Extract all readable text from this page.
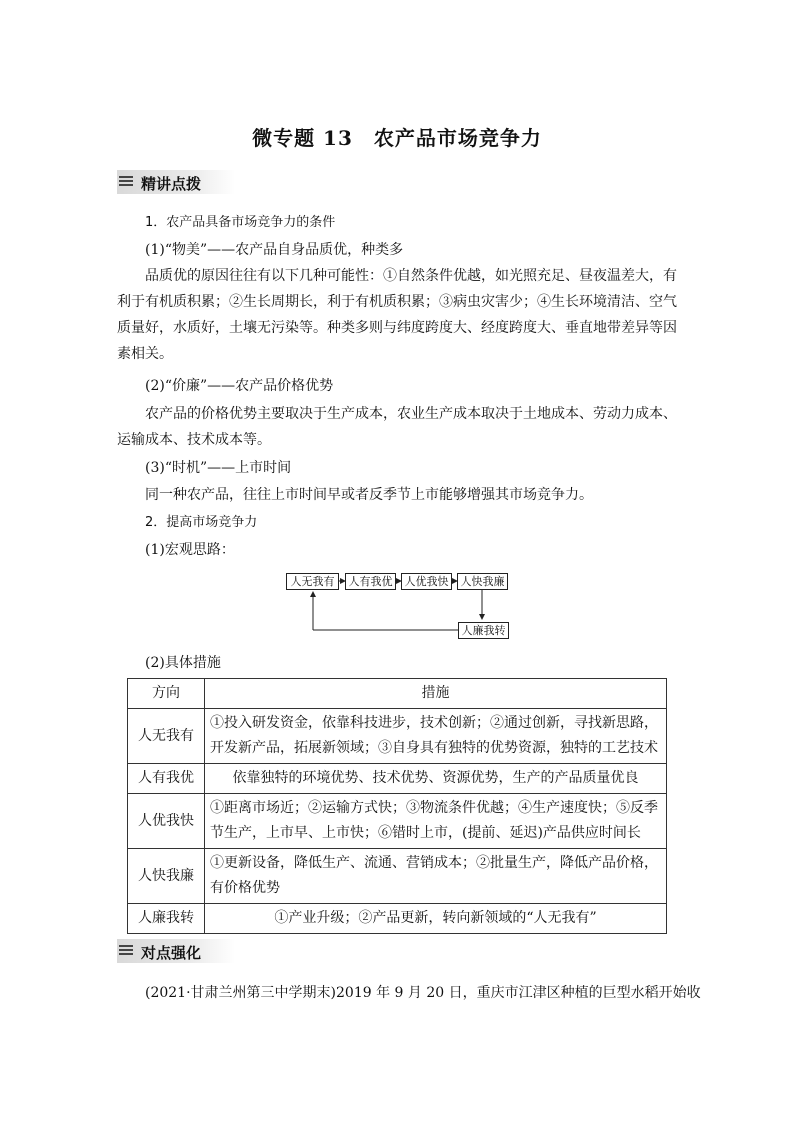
微专题 13　农产品市场竞争力
精讲点拨
1．农产品具备市场竞争力的条件
(1)“物美”——农产品自身品质优，种类多
品质优的原因往往有以下几种可能性：①自然条件优越，如光照充足、昼夜温差大，有利于有机质积累；②生长周期长，利于有机质积累；③病虫灾害少；④生长环境清洁、空气质量好，水质好，土壤无污染等。种类多则与纬度跨度大、经度跨度大、垂直地带差异等因素相关。
(2)“价廉”——农产品价格优势
农产品的价格优势主要取决于生产成本，农业生产成本取决于土地成本、劳动力成本、运输成本、技术成本等。
(3)“时机”——上市时间
同一种农产品，往往上市时间早或者反季节上市能够增强其市场竞争力。
2．提高市场竞争力
(1)宏观思路：
人无我有	人有我优	人优我快	人快我廉
人廉我转
(2)具体措施
方向	措施
人无我有	①投入研发资金，依靠科技进步，技术创新；②通过创新，寻找新思路，开发新产品，拓展新领域；③自身具有独特的优势资源，独特的工艺技术
人有我优	依靠独特的环境优势、技术优势、资源优势，生产的产品质量优良
人优我快	①距离市场近；②运输方式快；③物流条件优越；④生产速度快；⑤反季节生产，上市早、上市快；⑥错时上市，(提前、延迟)产品供应时间长
人快我廉	①更新设备，降低生产、流通、营销成本；②批量生产，降低产品价格，有价格优势
人廉我转	①产业升级；②产品更新，转向新领域的“人无我有”
对点强化
(2021·甘肃兰州第三中学期末)2019 年 9 月 20 日，重庆市江津区种植的巨型水稻开始收
